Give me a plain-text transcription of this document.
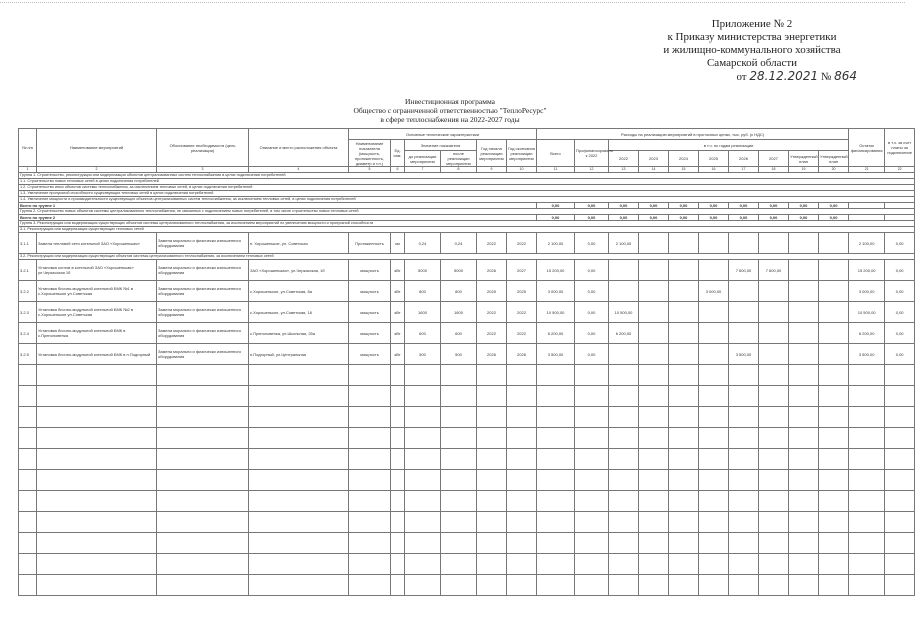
Приложение № 2
к Приказу министерства энергетики
и жилищно-коммунального хозяйства
Самарской области
от 28.12.2021 № 864
Инвестиционная программа
Общество с ограниченной ответственностью "ТеплоРесурс"
в сфере теплоснабжения на 2022-2027 годы
№ п/п	Наименование мероприятий	Обоснование необходимости (цель реализации)	Описание и место расположения объекта	Основные технические характеристики						Расходы на реализацию мероприятий в прогнозных ценах, тыс. руб. (с НДС)										Остаток финансирования	в т.ч. за счет платы за подключение
				Наименование показателя (мощность, протяженность, диаметр и т.п.)	Ед. изм.	Значение показателя		Год начала реализации мероприятия	Год окончания реализации мероприятия	Всего	Профинансировано к 2022	в т.ч. по годам реализации									
						до реализации мероприятия	после реализации мероприятия					2022	2023	2024	2025	2026	2027	Утвержденный план	Утвержденный план		
1	2	3	4	5	6	7	8	9	10	11	12	13	14	15	16	17	18	19	20	21	22
Группа 1. Строительство, реконструкция или модернизация объектов централизованных систем теплоснабжения в целях подключения потребителей																					
1.1. Строительство новых тепловых сетей в целях подключения потребителей																					
1.2. Строительство иных объектов системы теплоснабжения, за исключением тепловых сетей, в целях подключения потребителей																					
1.3. Увеличение пропускной способности существующих тепловых сетей в целях подключения потребителей																					
1.4. Увеличение мощности и производительности существующих объектов централизованных систем теплоснабжения, за исключением тепловых сетей, в целях подключения потребителей																					
Всего по группе 1										0,00	0,00	0,00	0,00	0,00	0,00	0,00	0,00	0,00	0,00		
Группа 2. Строительство новых объектов системы централизованного теплоснабжения, не связанных с подключением новых потребителей, в том числе строительство новых тепловых сетей																					
Всего по группе 2										0,00	0,00	0,00	0,00	0,00	0,00	0,00	0,00	0,00	0,00		
Группа 3. Реконструкция или модернизация существующих объектов системы централизованного теплоснабжения, за исключением мероприятий по увеличению мощности и пропускной способности																					
3.1. Реконструкция или модернизация существующих тепловых сетей																					
3.1.1	Замена тепловой сети котельной ЗАО «Хорошенькая»	Замена морально и физически изношенного оборудования	п. Хорошенькое, ул. Советская	Протяженность	км	0,24	0,24	2022	2022	2 100,00	0,00	2 100,00								2 100,00	0,00
3.2. Реконструкция или модернизация существующих объектов системы централизованного теплоснабжения, за исключением тепловых сетей																					
3.2.1	Установка котлов в котельной ЗАО «Хорошенькая» ул.Черкасская 1б	Замена морально и физически изношенного оборудования	ЗАО «Хорошенькая», ул.Черкасская, 1б	мощность	кВт	5000	5000	2026	2027	15 200,00	0,00					7 600,00	7 600,00			15 200,00	0,00
3.2.2	Установка блочно-модульной котельной БМК №1 в с.Хорошенькое ул.Советская	Замена морально и физически изношенного оборудования	с.Хорошенькое, ул.Советская, 8а	мощность	кВт	800	800	2025	2025	3 000,00	0,00				3 000,00					3 000,00	0,00
3.2.3	Установка блочно-модульной котельной БМК №2 в с.Хорошенькое ул.Советская	Замена морально и физически изношенного оборудования	с.Хорошенькое, ул.Советская, 16	мощность	кВт	1600	1600	2022	2022	10 500,00	0,00	10 500,00								10 500,00	0,00
3.2.4	Установка блочно-модульной котельной БМК в с.Преполовенка	Замена морально и физически изношенного оборудования	с.Преполовенка, ул.Школьная, 25а	мощность	кВт	600	600	2022	2022	6 200,00	0,00	6 200,00								6 200,00	0,00
3.2.5	Установка блочно-модульной котельной БМК в п.Подгорный	Замена морально и физически изношенного оборудования	п.Подгорный, ул.Центральная	мощность	кВт	500	500	2026	2026	3 500,00	0,00					3 500,00				3 500,00	0,00
